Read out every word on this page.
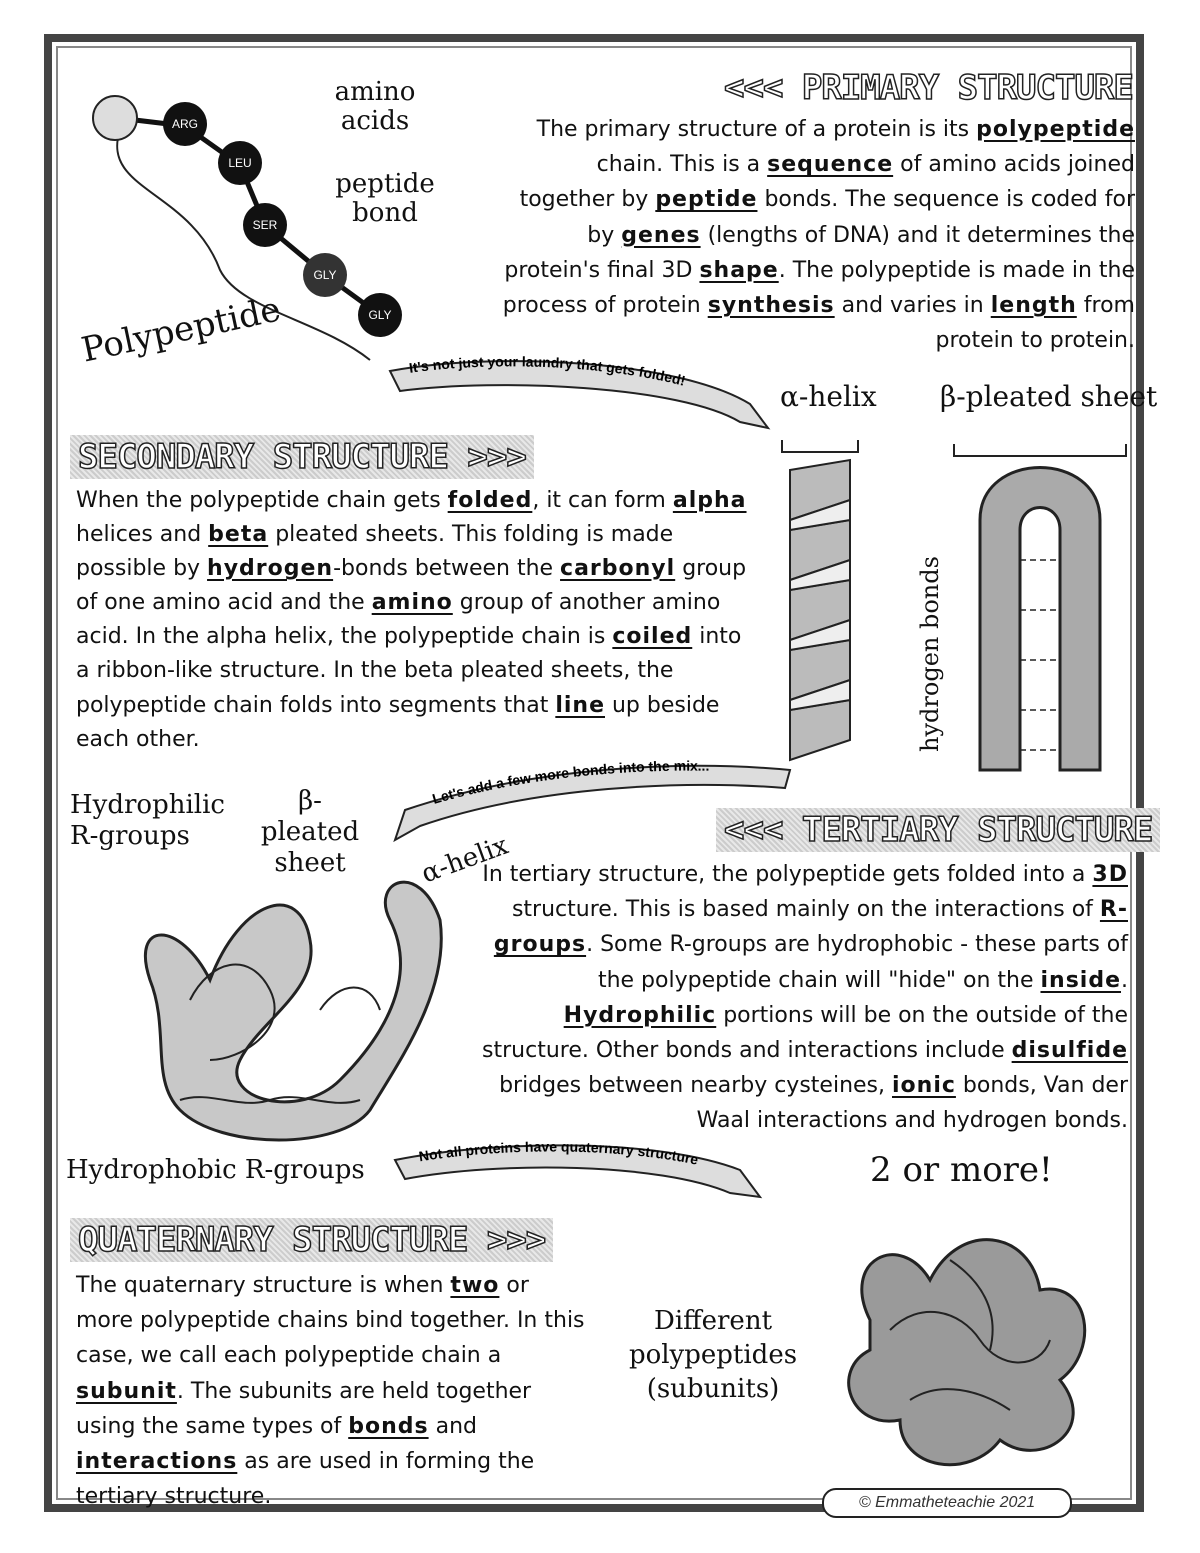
ARG
LEU
SER
GLY
GLY
amino acids
peptide bond
Polypeptide
<<< PRIMARY STRUCTURE
The primary structure of a protein is its polypeptide chain. This is a sequence of amino acids joined together by peptide bonds. The sequence is coded for by genes (lengths of DNA) and it determines the protein's final 3D shape. The polypeptide is made in the process of protein synthesis and varies in length from protein to protein.
It's not just your laundry that gets folded!
SECONDARY STRUCTURE >>>
When the polypeptide chain gets folded, it can form alpha helices and beta pleated sheets. This folding is made possible by hydrogen-bonds between the carbonyl group of one amino acid and the amino group of another amino acid. In the alpha helix, the polypeptide chain is coiled into a ribbon-like structure. In the beta pleated sheets, the polypeptide chain folds into segments that line up beside each other.
α-helix β-pleated sheet
hydrogen bonds
Let's add a few more bonds into the mix...
Hydrophilic R-groups
β-pleated sheet	α-helix
Hydrophobic R-groups
<<< TERTIARY STRUCTURE
In tertiary structure, the polypeptide gets folded into a 3D structure. This is based mainly on the interactions of R-groups. Some R-groups are hydrophobic - these parts of the polypeptide chain will "hide" on the inside. Hydrophilic portions will be on the outside of the structure. Other bonds and interactions include disulfide bridges between nearby cysteines, ionic bonds, Van der Waal interactions and hydrogen bonds.
Not all proteins have quaternary structure
QUATERNARY STRUCTURE >>>
The quaternary structure is when two or more polypeptide chains bind together. In this case, we call each polypeptide chain a subunit. The subunits are held together using the same types of bonds and interactions as are used in forming the tertiary structure.
2 or more!
Different polypeptides (subunits)
© Emmatheteachie 2021
